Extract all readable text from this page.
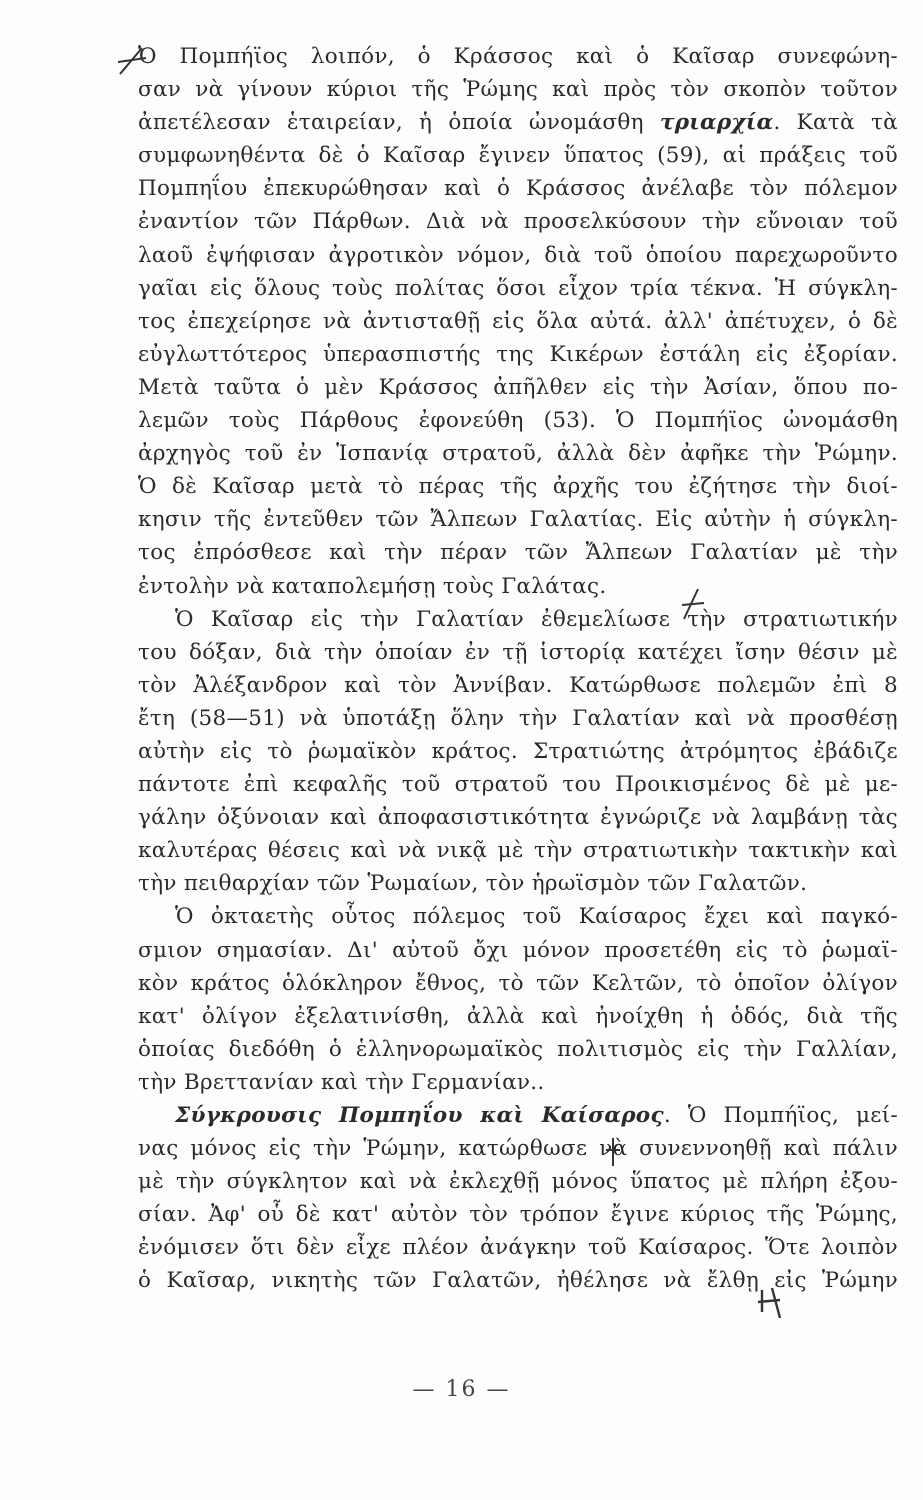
Ὁ Πομπήϊος λοιπόν, ὁ Κράσσος καὶ ὁ Καῖσαρ συνεφώνη-
σαν νὰ γίνουν κύριοι τῆς Ῥώμης καὶ πρὸς τὸν σκοπὸν τοῦτον
ἀπετέλεσαν ἑταιρείαν, ἡ ὁποία ὠνομάσθη τριαρχία. Κατὰ τὰ
συμφωνηθέντα δὲ ὁ Καῖσαρ ἔγινεν ὕπατος (59), αἱ πράξεις τοῦ
Πομπηΐου ἐπεκυρώθησαν καὶ ὁ Κράσσος ἀνέλαβε τὸν πόλεμον
ἐναντίον τῶν Πάρθων. Διὰ νὰ προσελκύσουν τὴν εὔνοιαν τοῦ
λαοῦ ἐψήφισαν ἀγροτικὸν νόμον, διὰ τοῦ ὁποίου παρεχωροῦντο
γαῖαι εἰς ὅλους τοὺς πολίτας ὅσοι εἶχον τρία τέκνα. Ἡ σύγκλη-
τος ἐπεχείρησε νὰ ἀντισταθῇ εἰς ὅλα αὐτά. ἀλλ' ἀπέτυχεν, ὁ δὲ
εὐγλωττότερος ὑπερασπιστής της Κικέρων ἐστάλη εἰς ἐξορίαν.
Μετὰ ταῦτα ὁ μὲν Κράσσος ἀπῆλθεν εἰς τὴν Ἀσίαν, ὅπου πο-
λεμῶν τοὺς Πάρθους ἐφονεύθη (53). Ὁ Πομπήϊος ὠνομάσθη
ἀρχηγὸς τοῦ ἐν Ἱσπανίᾳ στρατοῦ, ἀλλὰ δὲν ἀφῆκε τὴν Ῥώμην.
Ὁ δὲ Καῖσαρ μετὰ τὸ πέρας τῆς ἀρχῆς του ἐζήτησε τὴν διοί-
κησιν τῆς ἐντεῦθεν τῶν Ἄλπεων Γαλατίας. Εἰς αὐτὴν ἡ σύγκλη-
τος ἐπρόσθεσε καὶ τὴν πέραν τῶν Ἄλπεων Γαλατίαν μὲ τὴν
ἐντολὴν νὰ καταπολεμήσῃ τοὺς Γαλάτας.
Ὁ Καῖσαρ εἰς τὴν Γαλατίαν ἐθεμελίωσε τὴν στρατιωτικήν
του δόξαν, διὰ τὴν ὁποίαν ἐν τῇ ἱστορίᾳ κατέχει ἴσην θέσιν μὲ
τὸν Ἀλέξανδρον καὶ τὸν Ἀννίβαν. Κατώρθωσε πολεμῶν ἐπὶ 8
ἔτη (58—51) νὰ ὑποτάξῃ ὅλην τὴν Γαλατίαν καὶ νὰ προσθέσῃ
αὐτὴν εἰς τὸ ῥωμαϊκὸν κράτος. Στρατιώτης ἀτρόμητος ἐβάδιζε
πάντοτε ἐπὶ κεφαλῆς τοῦ στρατοῦ του Προικισμένος δὲ μὲ με-
γάλην ὀξύνοιαν καὶ ἀποφασιστικότητα ἐγνώριζε νὰ λαμβάνῃ τὰς
καλυτέρας θέσεις καὶ νὰ νικᾷ μὲ τὴν στρατιωτικὴν τακτικὴν καὶ
τὴν πειθαρχίαν τῶν Ῥωμαίων, τὸν ἡρωϊσμὸν τῶν Γαλατῶν.
Ὁ ὀκταετὴς οὗτος πόλεμος τοῦ Καίσαρος ἔχει καὶ παγκό-
σμιον σημασίαν. Δι' αὐτοῦ ὄχι μόνον προσετέθη εἰς τὸ ῥωμαϊ-
κὸν κράτος ὁλόκληρον ἔθνος, τὸ τῶν Κελτῶν, τὸ ὁποῖον ὀλίγον
κατ' ὀλίγον ἐξελατινίσθη, ἀλλὰ καὶ ἠνοίχθη ἡ ὁδός, διὰ τῆς
ὁποίας διεδόθη ὁ ἑλληνορωμαϊκὸς πολιτισμὸς εἰς τὴν Γαλλίαν,
τὴν Βρεττανίαν καὶ τὴν Γερμανίαν..
Σύγκρουσις Πομπηΐου καὶ Καίσαρος. Ὁ Πομπήϊος, μεί-
νας μόνος εἰς τὴν Ῥώμην, κατώρθωσε νὰ συνεννοηθῇ καὶ πάλιν
μὲ τὴν σύγκλητον καὶ νὰ ἐκλεχθῇ μόνος ὕπατος μὲ πλήρη ἐξου-
σίαν. Ἀφ' οὗ δὲ κατ' αὐτὸν τὸν τρόπον ἔγινε κύριος τῆς Ῥώμης,
ἐνόμισεν ὅτι δὲν εἶχε πλέον ἀνάγκην τοῦ Καίσαρος. Ὅτε λοιπὸν
ὁ Καῖσαρ, νικητὴς τῶν Γαλατῶν, ἠθέλησε νὰ ἔλθῃ εἰς Ῥώμην
— 16 —
